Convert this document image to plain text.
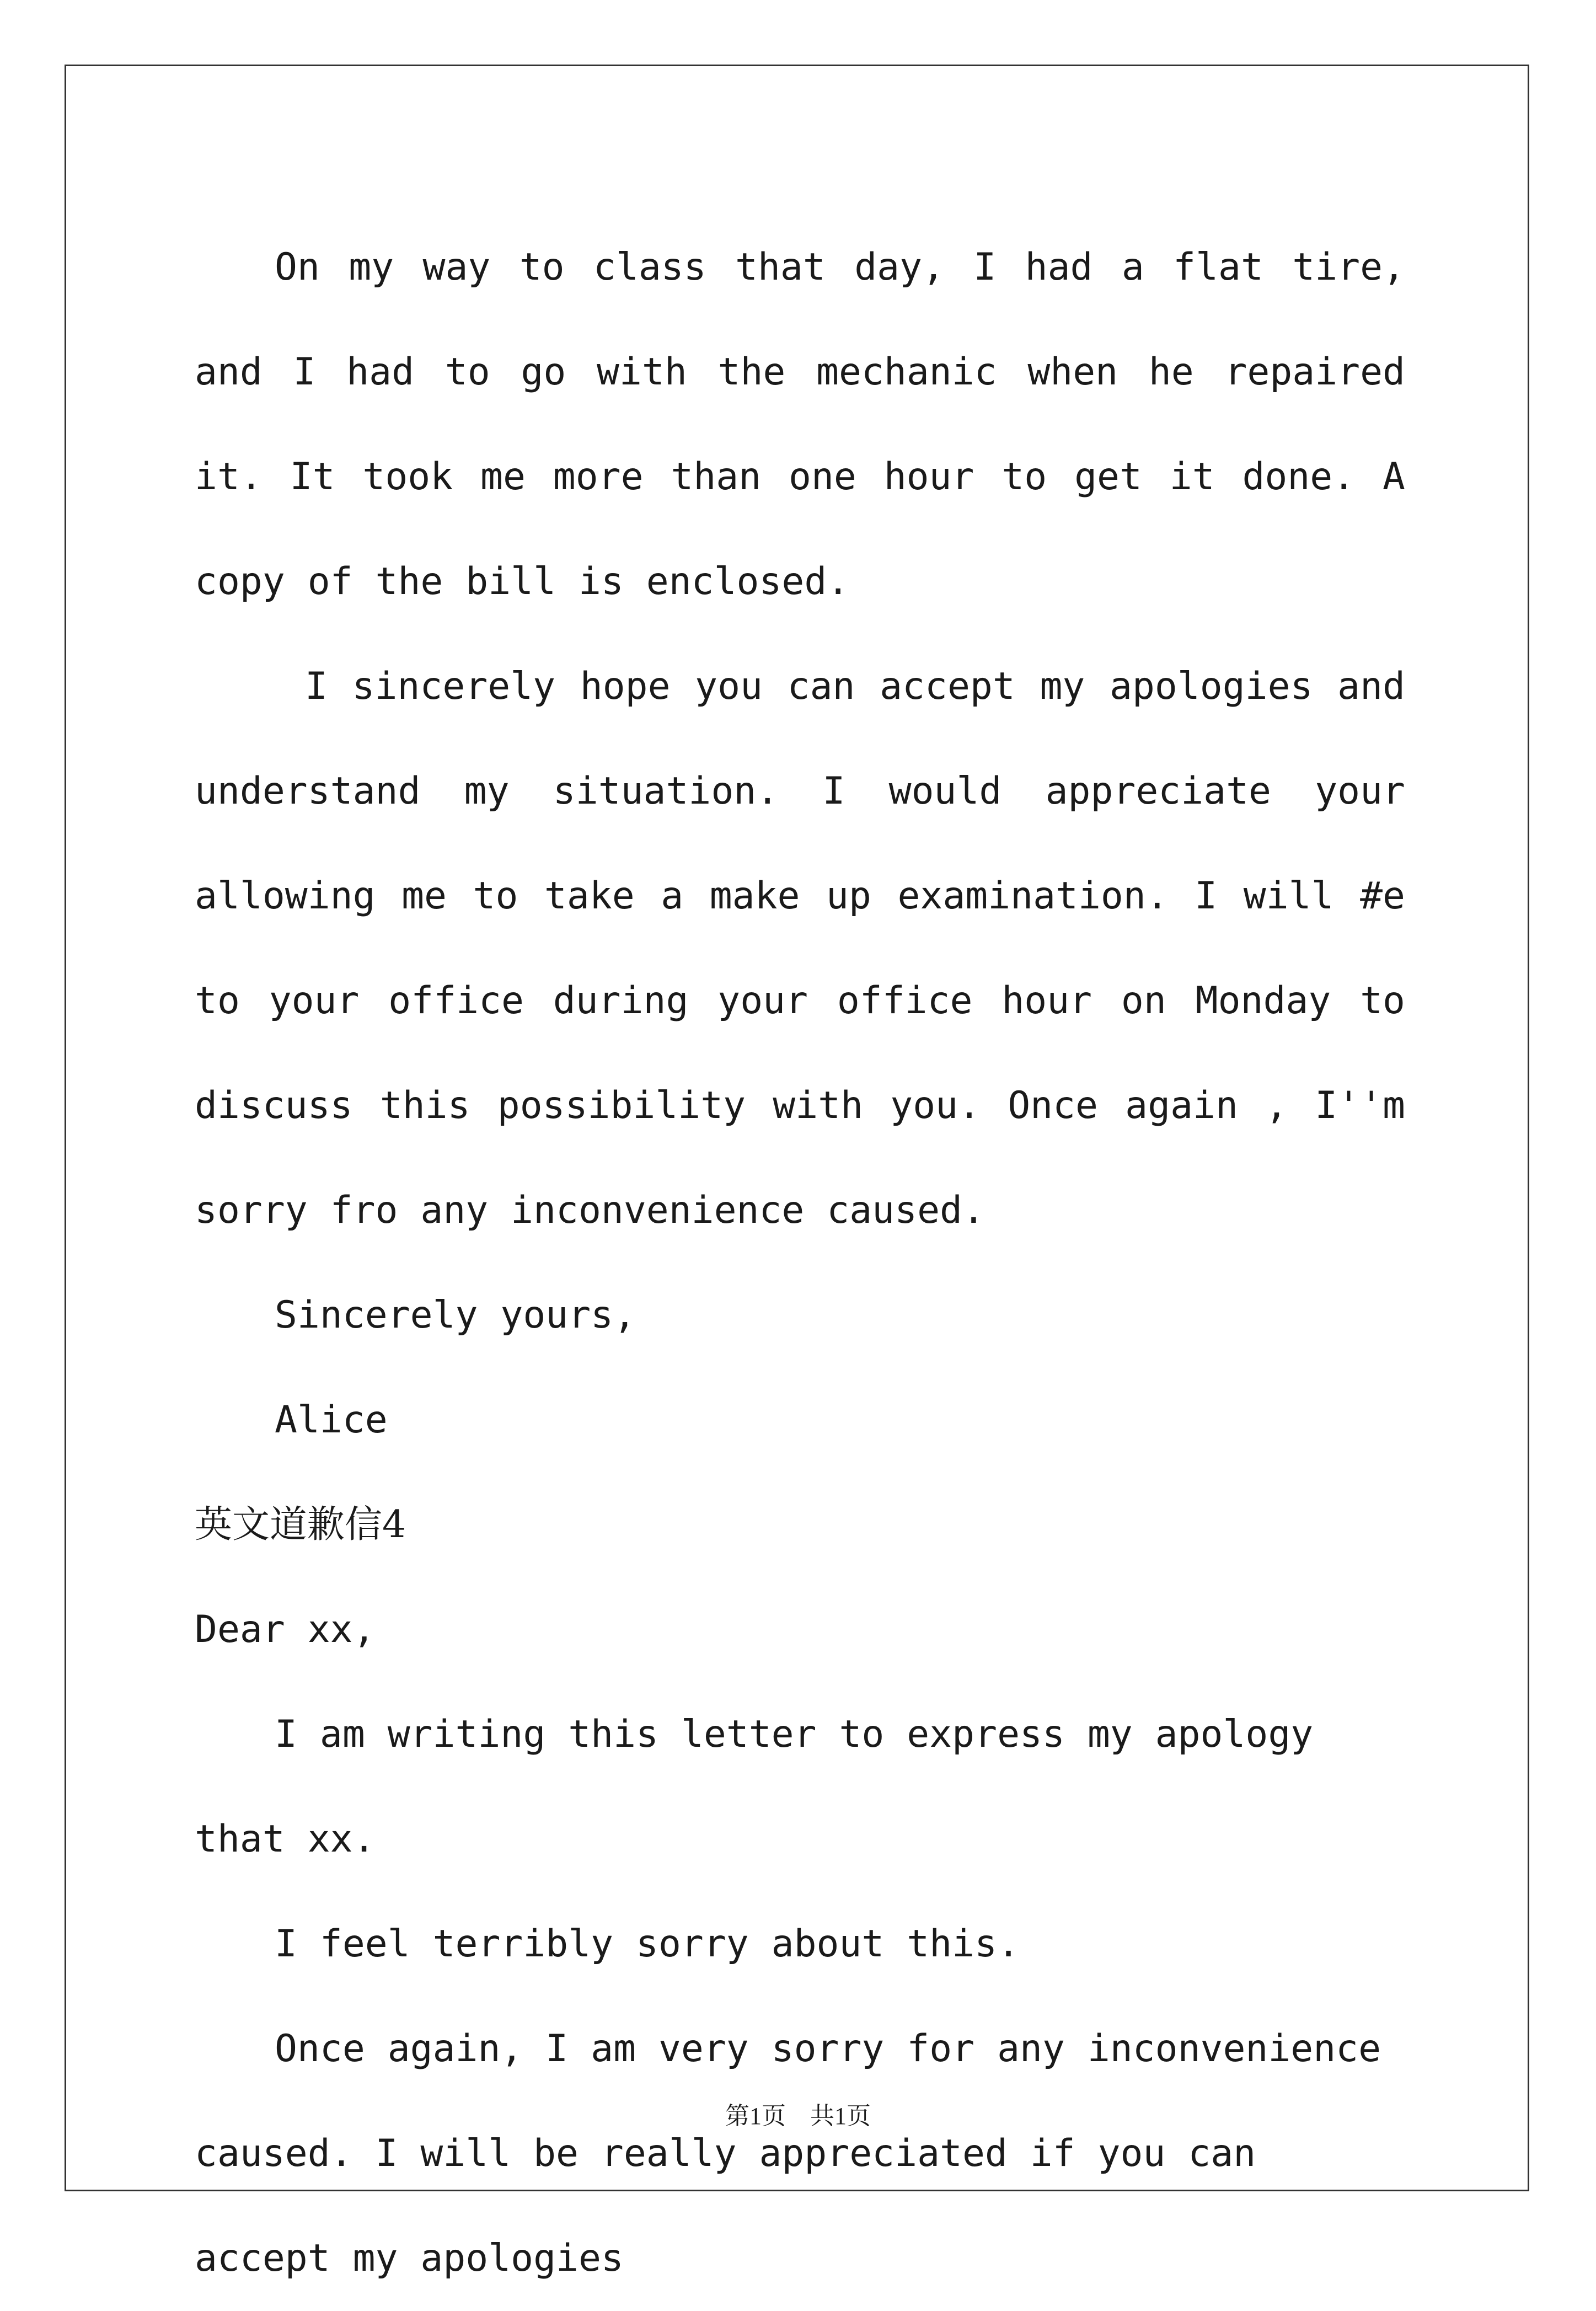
On my way to class that day, I had a flat tire, and I had to go with the mechanic when he repaired it. It took me more than one hour to get it done. A copy of the bill is enclosed.

I sincerely hope you can accept my apologies and understand my situation. I would appreciate your allowing me to take a make up examination. I will #e to your office during your office hour on Monday to discuss this possibility with you. Once again , I''m sorry fro any inconvenience caused.

Sincerely yours,

Alice

英文道歉信4

Dear xx,

I am writing this letter to express my apology that xx.

I feel terribly sorry about this.

Once again, I am very sorry for any inconvenience caused. I will be really appreciated if you can accept my apologies

第1页　共1页
